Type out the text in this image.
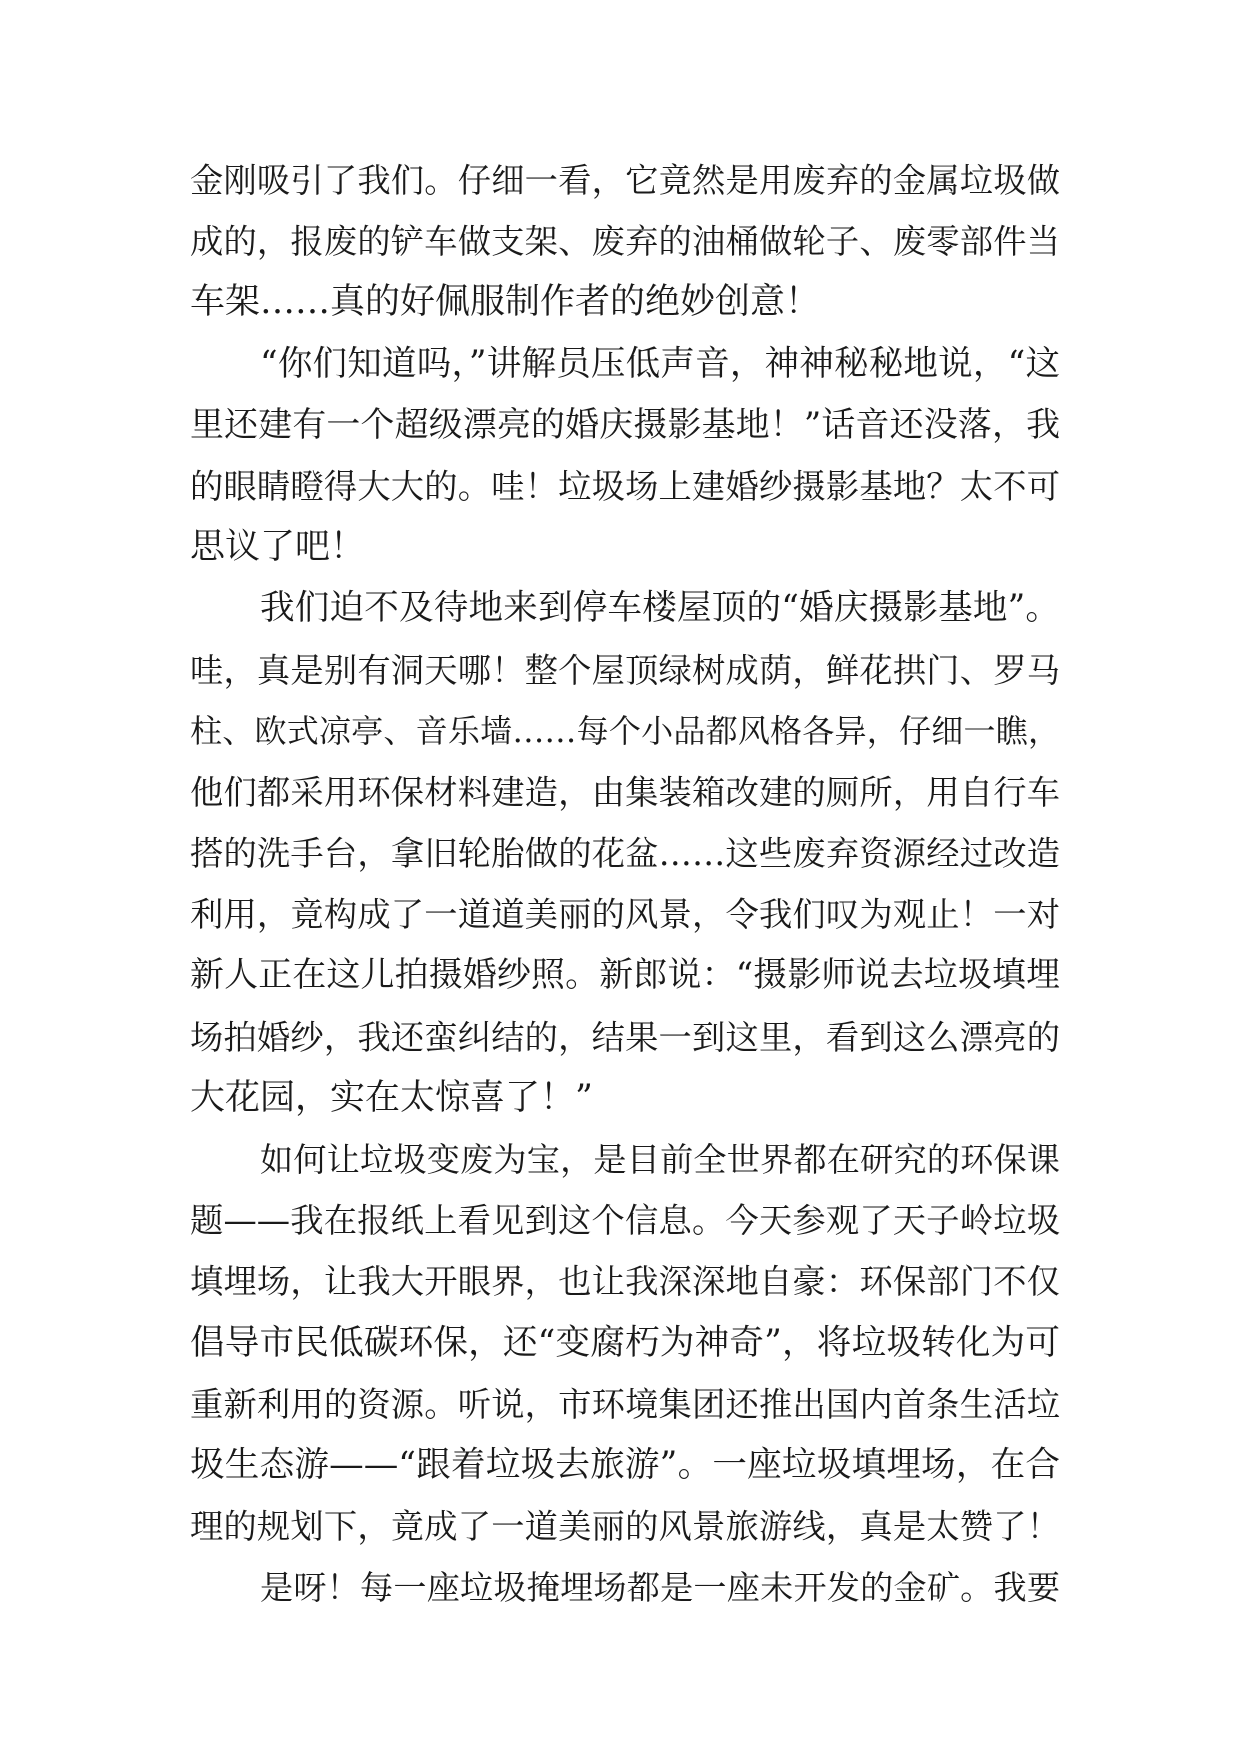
金刚吸引了我们。仔细一看，它竟然是用废弃的金属垃圾做
成的，报废的铲车做支架、废弃的油桶做轮子、废零部件当
车架……真的好佩服制作者的绝妙创意！
“你们知道吗，”讲解员压低声音，神神秘秘地说，“这
里还建有一个超级漂亮的婚庆摄影基地！”话音还没落，我
的眼睛瞪得大大的。哇！垃圾场上建婚纱摄影基地？太不可
思议了吧！
我们迫不及待地来到停车楼屋顶的“婚庆摄影基地”。
哇，真是别有洞天哪！整个屋顶绿树成荫，鲜花拱门、罗马
柱、欧式凉亭、音乐墙……每个小品都风格各异，仔细一瞧，
他们都采用环保材料建造，由集装箱改建的厕所，用自行车
搭的洗手台，拿旧轮胎做的花盆……这些废弃资源经过改造
利用，竟构成了一道道美丽的风景，令我们叹为观止！一对
新人正在这儿拍摄婚纱照。新郎说：“摄影师说去垃圾填埋
场拍婚纱，我还蛮纠结的，结果一到这里，看到这么漂亮的
大花园，实在太惊喜了！”
如何让垃圾变废为宝，是目前全世界都在研究的环保课
题——我在报纸上看见到这个信息。今天参观了天子岭垃圾
填埋场，让我大开眼界，也让我深深地自豪：环保部门不仅
倡导市民低碳环保，还“变腐朽为神奇”，将垃圾转化为可
重新利用的资源。听说，市环境集团还推出国内首条生活垃
圾生态游——“跟着垃圾去旅游”。一座垃圾填埋场，在合
理的规划下，竟成了一道美丽的风景旅游线，真是太赞了！
是呀！每一座垃圾掩埋场都是一座未开发的金矿。我要
